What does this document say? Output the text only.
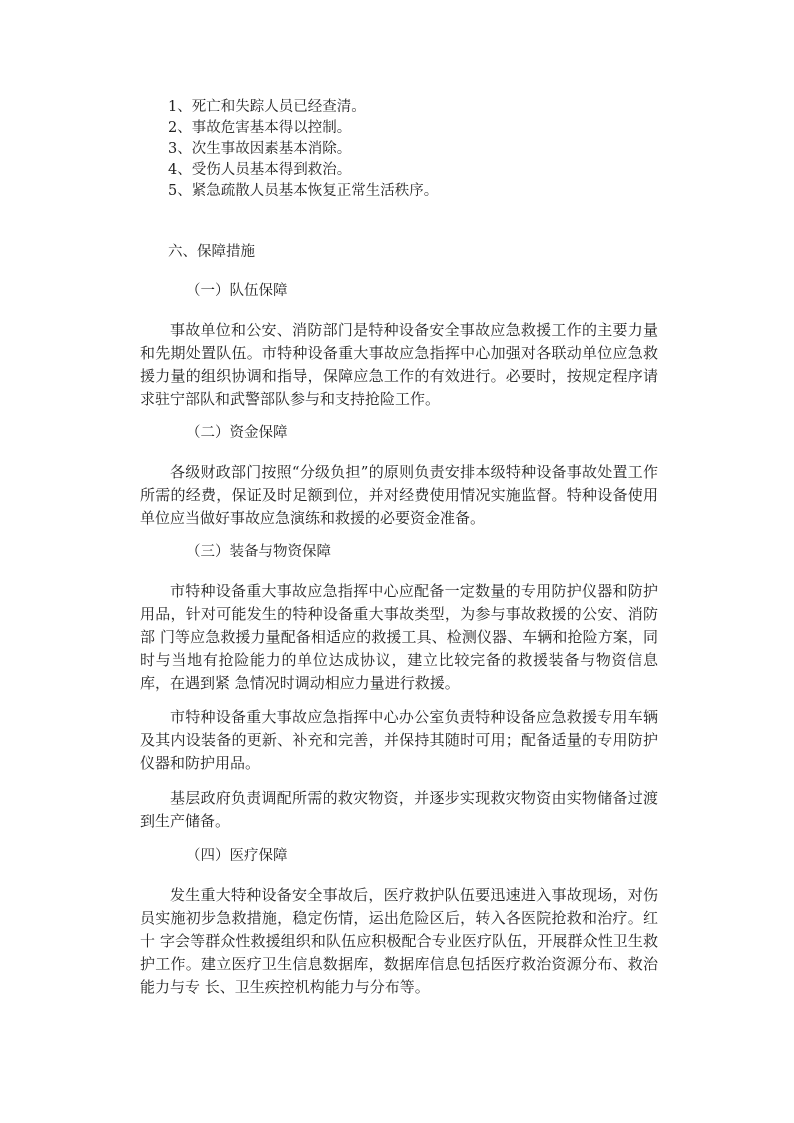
1、死亡和失踪人员已经查清。
2、事故危害基本得以控制。
3、次生事故因素基本消除。
4、受伤人员基本得到救治。
5、紧急疏散人员基本恢复正常生活秩序。
六、保障措施
（一）队伍保障
事故单位和公安、消防部门是特种设备安全事故应急救援工作的主要力量和先期处置队伍。市特种设备重大事故应急指挥中心加强对各联动单位应急救援力量的组织协调和指导，保障应急工作的有效进行。必要时，按规定程序请求驻宁部队和武警部队参与和支持抢险工作。
（二）资金保障
各级财政部门按照“分级负担”的原则负责安排本级特种设备事故处置工作所需的经费，保证及时足额到位，并对经费使用情况实施监督。特种设备使用单位应当做好事故应急演练和救援的必要资金准备。
（三）装备与物资保障
市特种设备重大事故应急指挥中心应配备一定数量的专用防护仪器和防护用品，针对可能发生的特种设备重大事故类型，为参与事故救援的公安、消防部 门等应急救援力量配备相适应的救援工具、检测仪器、车辆和抢险方案，同时与当地有抢险能力的单位达成协议，建立比较完备的救援装备与物资信息库，在遇到紧 急情况时调动相应力量进行救援。
市特种设备重大事故应急指挥中心办公室负责特种设备应急救援专用车辆及其内设装备的更新、补充和完善，并保持其随时可用；配备适量的专用防护仪器和防护用品。
基层政府负责调配所需的救灾物资，并逐步实现救灾物资由实物储备过渡到生产储备。
（四）医疗保障
发生重大特种设备安全事故后，医疗救护队伍要迅速进入事故现场，对伤员实施初步急救措施，稳定伤情，运出危险区后，转入各医院抢救和治疗。红十 字会等群众性救援组织和队伍应积极配合专业医疗队伍，开展群众性卫生救护工作。建立医疗卫生信息数据库，数据库信息包括医疗救治资源分布、救治能力与专 长、卫生疾控机构能力与分布等。
